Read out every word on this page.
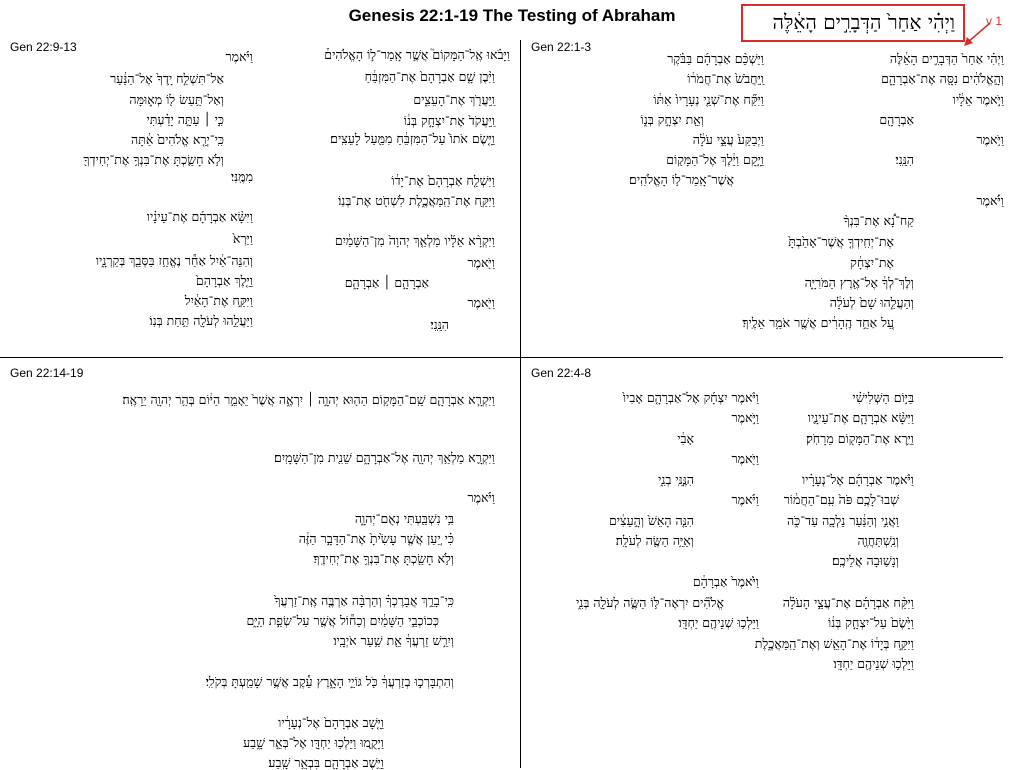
Genesis 22:1-19 The Testing of Abraham	וַיְהִ֗י אַחַר֙ הַדְּבָרִ֣ים הָאֵ֔לֶּה	v 1
Gen 22:1-3
וַיְהִ֗י אַחַר֙ הַדְּבָרִ֣ים הָאֵ֔לֶּה
וְהָ֣אֱלֹהִ֔ים נִסָּ֖ה אֶת־אַבְרָהָ֑ם
וַיֹּ֣אמֶר אֵלָ֔יו
אַבְרָהָ֖ם
וַיֹּ֥אמֶר
הִנֵּֽנִי׃
וַיֹּ֡אמֶר
קַח־נָ֠א אֶת־בִּנְךָ֨
אֶת־יְחִֽידְךָ֤ אֲשֶׁר־אָהַ֙בְתָּ֙
אֶת־יִצְחָ֔ק
וְלֶךְ־לְךָ֔ אֶל־אֶ֖רֶץ הַמֹּרִיָּ֑ה
וְהַעֲלֵ֤הוּ שָׁם֙ לְעֹלָ֔ה
עַ֚ל אַחַ֣ד הֶֽהָרִ֔ים אֲשֶׁ֖ר אֹמַ֥ר אֵלֶֽיךָ׃
וַיַּשְׁכֵּ֨ם אַבְרָהָ֜ם בַּבֹּ֗קֶר
וַֽיַּחֲבֹשׁ֙ אֶת־חֲמֹר֔וֹ
וַיִּקַּ֞ח אֶת־שְׁנֵ֤י נְעָרָיו֙ אִתּ֔וֹ
וְאֵ֖ת יִצְחָ֣ק בְּנ֑וֹ
וַיְבַקַּע֙ עֲצֵ֣י עֹלָ֔ה
וַיָּ֣קָם וַיֵּ֔לֶךְ אֶל־הַמָּק֖וֹם
אֲשֶׁר־אָֽמַר־ל֥וֹ הָאֱלֹהִֽים׃
Gen 22:9-13	וַיָּבֹ֗אוּ אֶֽל־הַמָּקוֹם֮ אֲשֶׁ֣ר אָֽמַר־ל֣וֹ הָאֱלֹהִים֒
וַיִּ֨בֶן שָׁ֤ם אַבְרָהָם֙ אֶת־הַמִּזְבֵּ֔חַ
וַֽיַּעֲרֹ֖ךְ אֶת־הָעֵצִ֑ים
וַֽיַּעֲקֹד֙ אֶת־יִצְחָ֣ק בְּנ֔וֹ
וַיָּ֤שֶׂם אֹתוֹ֙ עַל־הַמִּזְבֵּ֔חַ מִמַּ֖עַל לָעֵצִֽים׃
וַיִּשְׁלַ֤ח אַבְרָהָם֙ אֶת־יָד֔וֹ
וַיִּקַּ֖ח אֶת־הַֽמַּאֲכֶ֑לֶת לִשְׁחֹ֖ט אֶת־בְּנֽוֹ׃
וַיִּקְרָ֨א אֵלָ֜יו מַלְאַ֤ךְ יְהוָה֙ מִן־הַשָּׁמַ֔יִם
וַיֹּ֖אמֶר
אַבְרָהָ֣ם ׀ אַבְרָהָ֑ם
וַיֹּ֖אמֶר
הִנֵּֽנִי׃
וַיֹּ֗אמֶר
אַל־תִּשְׁלַ֤ח יָֽדְךָ֙ אֶל־הַנַּ֔עַר
וְאַל־תַּ֥עַשׂ ל֖וֹ מְא֑וּמָּה
כִּ֣י ׀ עַתָּ֣ה יָדַ֗עְתִּי
כִּֽי־יְרֵ֤א אֱלֹהִים֙ אַ֔תָּה
וְלֹ֥א חָשַׂ֛כְתָּ אֶת־בִּנְךָ֥ אֶת־יְחִידְךָ֖
מִמֶּֽנִּי׃
וַיִּשָּׂ֨א אַבְרָהָ֜ם אֶת־עֵינָ֗יו
וַיַּרְא֙
וְהִנֵּה־אַ֔יִל אַחַ֕ר נֶאֱחַ֥ז בַּסְּבַ֖ךְ בְּקַרְנָ֑יו
וַיֵּ֤לֶךְ אַבְרָהָם֙
וַיִּקַּ֣ח אֶת־הָאַ֔יִל
וַיַּעֲלֵ֥הוּ לְעֹלָ֖ה תַּ֥חַת בְּנֽוֹ׃
Gen 22:4-8
בַּיּ֣וֹם הַשְּׁלִישִׁ֗י
וַיִּשָּׂ֨א אַבְרָהָ֧ם אֶת־עֵינָ֛יו
וַיַּ֥רְא אֶת־הַמָּק֖וֹם מֵרָחֹֽק׃
וַיֹּ֨אמֶר אַבְרָהָ֜ם אֶל־נְעָרָ֗יו
שְׁבוּ־לָכֶ֥ם פֹּה֙ עִֽם־הַחֲמ֔וֹר
וַאֲנִ֣י וְהַנַּ֔עַר נֵלְכָ֖ה עַד־כֹּ֑ה
וְנִֽשְׁתַּחֲוֶ֖ה
וְנָשׁ֥וּבָה אֲלֵיכֶֽם׃
וַיִּקַּ֨ח אַבְרָהָ֜ם אֶת־עֲצֵ֣י הָעֹלָ֗ה
וַיָּ֙שֶׂם֙ עַל־יִצְחָ֣ק בְּנ֔וֹ
וַיִּקַּ֣ח בְּיָד֔וֹ אֶת־הָאֵ֖שׁ וְאֶת־הַֽמַּאֲכֶ֑לֶת
וַיֵּלְכ֥וּ שְׁנֵיהֶ֖ם יַחְדָּֽו׃
וַיֹּ֨אמֶר יִצְחָ֜ק אֶל־אַבְרָהָ֤ם אָבִיו֙
וַיֹּ֣אמֶר
אָבִ֔י
וַיֹּ֖אמֶר
הִנֶּ֣נִּֽי בְנִ֑י
וַיֹּ֗אמֶר
הִנֵּ֤ה הָאֵשׁ֙ וְהָ֣עֵצִ֔ים
וְאַיֵּ֥ה הַשֶּׂ֖ה לְעֹלָֽה׃
וַיֹּ֙אמֶר֙ אַבְרָהָ֔ם
אֱלֹהִ֞ים יִרְאֶה־לּ֥וֹ הַשֶּׂ֛ה לְעֹלָ֖ה בְּנִ֑י
וַיֵּלְכ֥וּ שְׁנֵיהֶ֖ם יַחְדָּֽו׃
Gen 22:14-19
וַיִּקְרָ֧א אַבְרָהָ֛ם שֵֽׁם־הַמָּק֥וֹם הַה֖וּא יְהוָ֣ה ׀ יִרְאֶ֑ה אֲשֶׁר֙ יֵאָמֵ֣ר הַיּ֔וֹם בְּהַ֥ר יְהוָ֖ה יֵרָאֶֽה׃
וַיִּקְרָ֛א מַלְאַ֥ךְ יְהוָ֖ה אֶל־אַבְרָהָ֑ם שֵׁנִ֖ית מִן־הַשָּׁמָֽיִם׃
וַיֹּ֗אמֶר
בִּ֥י נִשְׁבַּ֖עְתִּי נְאֻם־יְהוָ֑ה
כִּ֗י יַ֚עַן אֲשֶׁ֤ר עָשִׂ֙יתָ֙ אֶת־הַדָּבָ֣ר הַזֶּ֔ה
וְלֹ֥א חָשַׂ֖כְתָּ אֶת־בִּנְךָ֥ אֶת־יְחִידֶֽךָ׃
כִּֽי־בָרֵ֣ךְ אֲבָרֶכְךָ֗ וְהַרְבָּ֨ה אַרְבֶּ֤ה אֶֽת־זַרְעֲךָ֙
כְּכוֹכְבֵ֣י הַשָּׁמַ֔יִם וְכַח֕וֹל אֲשֶׁ֖ר עַל־שְׂפַ֣ת הַיָּ֑ם
וְיִרַ֣שׁ זַרְעֲךָ֔ אֵ֖ת שַׁ֥עַר אֹיְבָֽיו׃
וְהִתְבָּרְכ֣וּ בְזַרְעֲךָ֔ כֹּ֖ל גּוֹיֵ֣י הָאָ֑רֶץ עֵ֕קֶב אֲשֶׁ֥ר שָׁמַ֖עְתָּ בְּקֹלִֽי׃
וַיָּ֤שָׁב אַבְרָהָם֙ אֶל־נְעָרָ֔יו
וַיָּקֻ֛מוּ וַיֵּלְכ֥וּ יַחְדָּ֖ו אֶל־בְּאֵ֣ר שָׁ֑בַע
וַיֵּ֥שֶׁב אַבְרָהָ֖ם בִּבְאֵ֥ר שָֽׁבַע׃
